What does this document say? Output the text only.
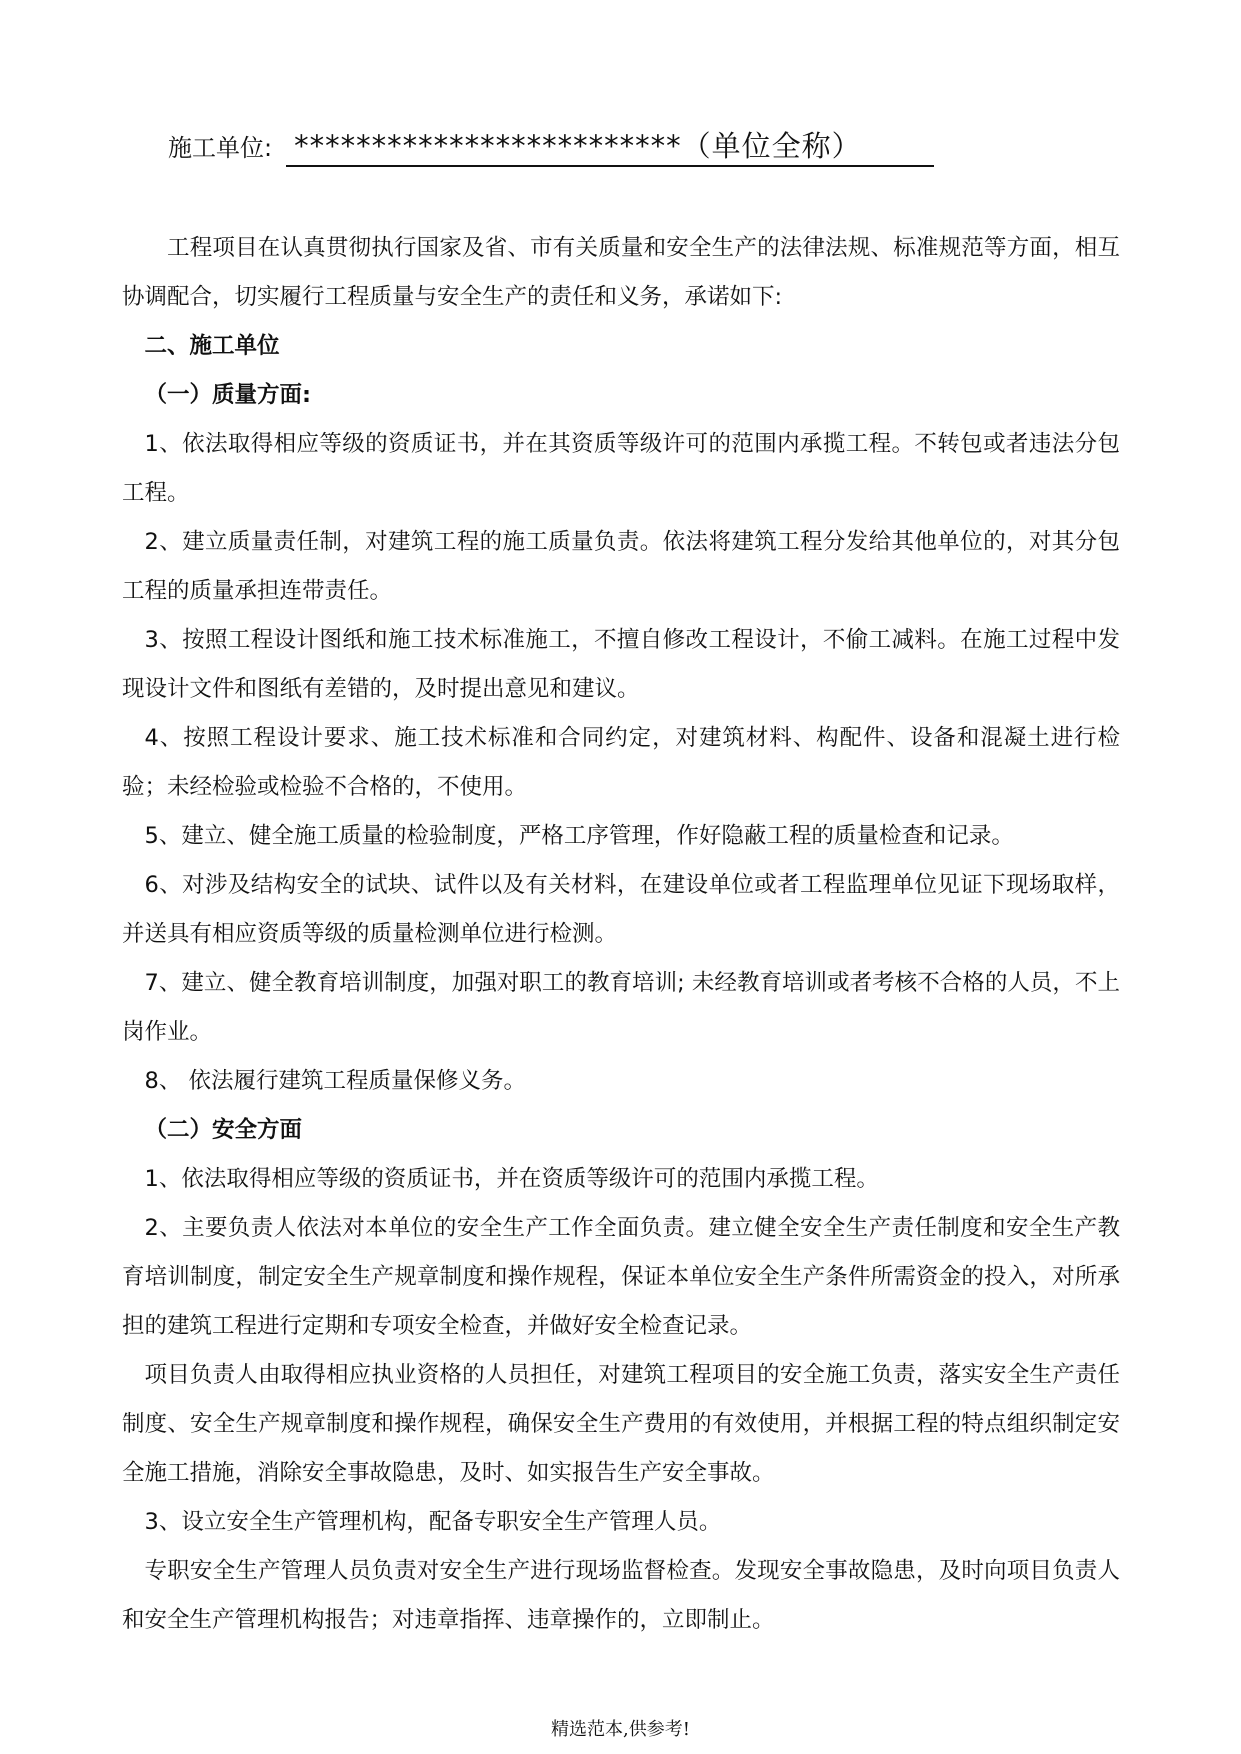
施工单位: *************************（单位全称）

工程项目在认真贯彻执行国家及省、市有关质量和安全生产的法律法规、标准规范等方面，相互协调配合，切实履行工程质量与安全生产的责任和义务，承诺如下:

二、施工单位

（一）质量方面:

1、依法取得相应等级的资质证书，并在其资质等级许可的范围内承揽工程。不转包或者违法分包工程。

2、建立质量责任制，对建筑工程的施工质量负责。依法将建筑工程分发给其他单位的，对其分包工程的质量承担连带责任。

3、按照工程设计图纸和施工技术标准施工，不擅自修改工程设计，不偷工减料。在施工过程中发现设计文件和图纸有差错的，及时提出意见和建议。

4、按照工程设计要求、施工技术标准和合同约定，对建筑材料、构配件、设备和混凝土进行检验；未经检验或检验不合格的，不使用。

5、建立、健全施工质量的检验制度，严格工序管理，作好隐蔽工程的质量检查和记录。

6、对涉及结构安全的试块、试件以及有关材料，在建设单位或者工程监理单位见证下现场取样，并送具有相应资质等级的质量检测单位进行检测。

7、建立、健全教育培训制度，加强对职工的教育培训; 未经教育培训或者考核不合格的人员，不上岗作业。

8、 依法履行建筑工程质量保修义务。

（二）安全方面

1、依法取得相应等级的资质证书，并在资质等级许可的范围内承揽工程。

2、主要负责人依法对本单位的安全生产工作全面负责。建立健全安全生产责任制度和安全生产教育培训制度，制定安全生产规章制度和操作规程，保证本单位安全生产条件所需资金的投入，对所承担的建筑工程进行定期和专项安全检查，并做好安全检查记录。

项目负责人由取得相应执业资格的人员担任，对建筑工程项目的安全施工负责，落实安全生产责任制度、安全生产规章制度和操作规程，确保安全生产费用的有效使用，并根据工程的特点组织制定安全施工措施，消除安全事故隐患，及时、如实报告生产安全事故。

3、设立安全生产管理机构，配备专职安全生产管理人员。

专职安全生产管理人员负责对安全生产进行现场监督检查。发现安全事故隐患，及时向项目负责人和安全生产管理机构报告；对违章指挥、违章操作的，立即制止。

精选范本,供参考!
